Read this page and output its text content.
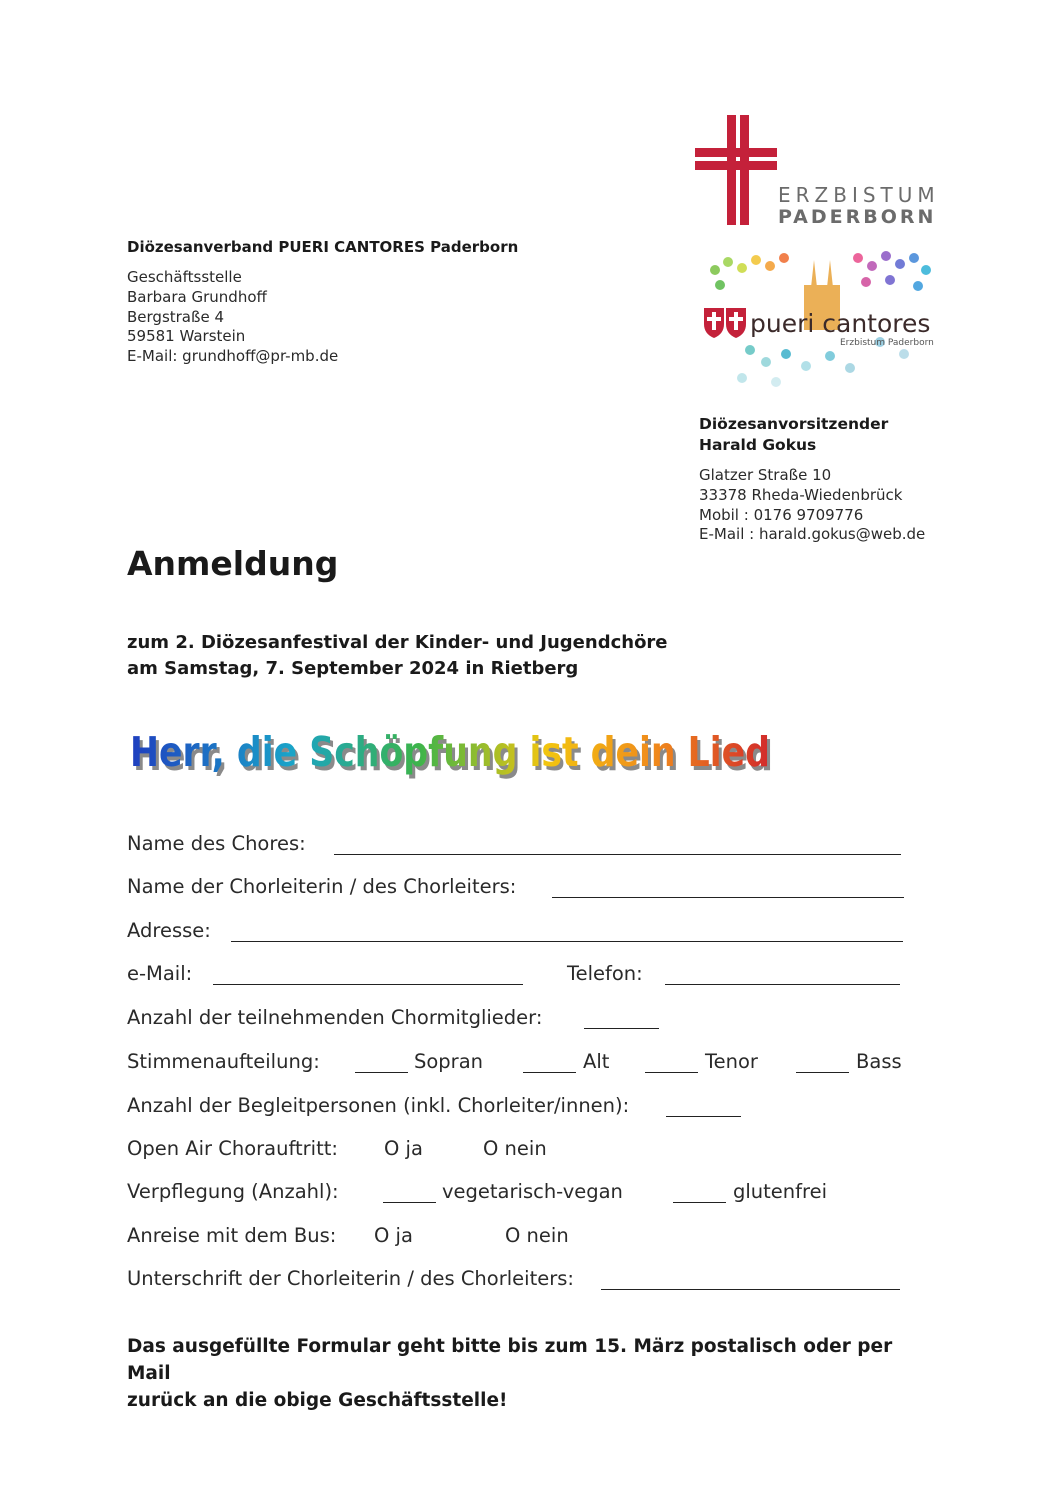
Diözesanverband PUERI CANTORES Paderborn
Geschäftsstelle
Barbara Grundhoff
Bergstraße 4
59581 Warstein
E-Mail: grundhoff@pr-mb.de
ERZBISTUM
PADERBORN
pueri cantores
Erzbistum Paderborn
Diözesanvorsitzender
Harald Gokus
Glatzer Straße 10
33378 Rheda-Wiedenbrück
Mobil : 0176 9709776
E-Mail : harald.gokus@web.de
Anmeldung
zum 2. Diözesanfestival der Kinder- und Jugendchöre
am Samstag, 7. September 2024 in Rietberg
Herr, die Schöpfung ist dein Lied
Herr, die Schöpfung ist dein Lied
Name des Chores:
Name der Chorleiterin / des Chorleiters:
Adresse:
e-Mail:	Telefon:
Anzahl der teilnehmenden Chormitglieder:
Stimmenaufteilung:	Sopran	Alt	Tenor	Bass
Anzahl der Begleitpersonen (inkl. Chorleiter/innen):
Open Air Chorauftritt: O ja	O nein
Verpflegung (Anzahl):	vegetarisch-vegan	glutenfrei
Anreise mit dem Bus: O ja	O nein
Unterschrift der Chorleiterin / des Chorleiters:
Das ausgefüllte Formular geht bitte bis zum 15. März postalisch oder per Mail
zurück an die obige Geschäftsstelle!
